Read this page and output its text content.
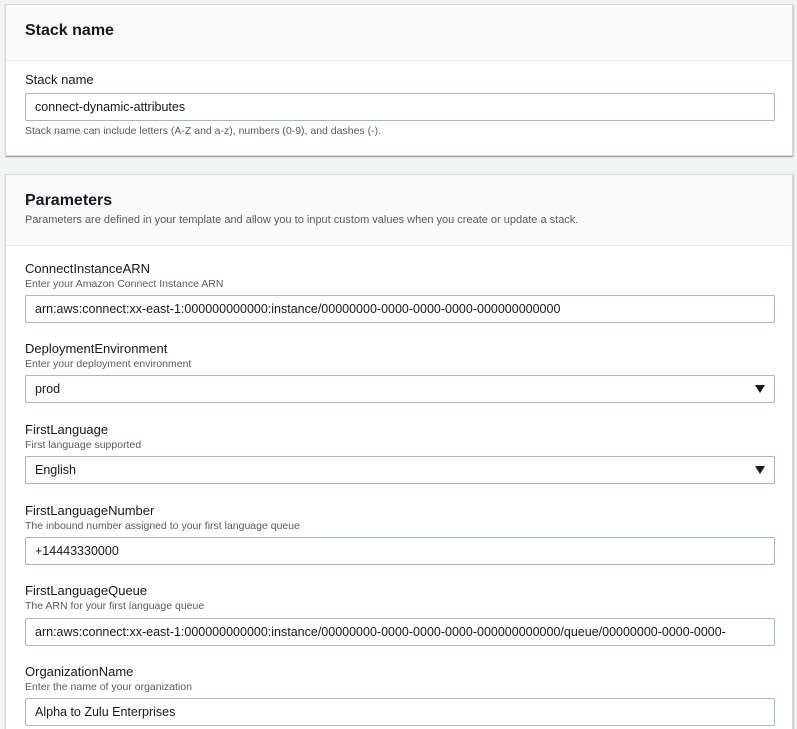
Stack name
Stack name
connect-dynamic-attributes
Stack name can include letters (A-Z and a-z), numbers (0-9), and dashes (-).
Parameters
Parameters are defined in your template and allow you to input custom values when you create or update a stack.
ConnectInstanceARN
Enter your Amazon Connect Instance ARN
arn:aws:connect:xx-east-1:000000000000:instance/00000000-0000-0000-0000-000000000000
DeploymentEnvironment
Enter your deployment environment
prod
FirstLanguage
First language supported
English
FirstLanguageNumber
The inbound number assigned to your first language queue
+14443330000
FirstLanguageQueue
The ARN for your first language queue
arn:aws:connect:xx-east-1:000000000000:instance/00000000-0000-0000-0000-000000000000/queue/00000000-0000-0000-
OrganizationName
Enter the name of your organization
Alpha to Zulu Enterprises
